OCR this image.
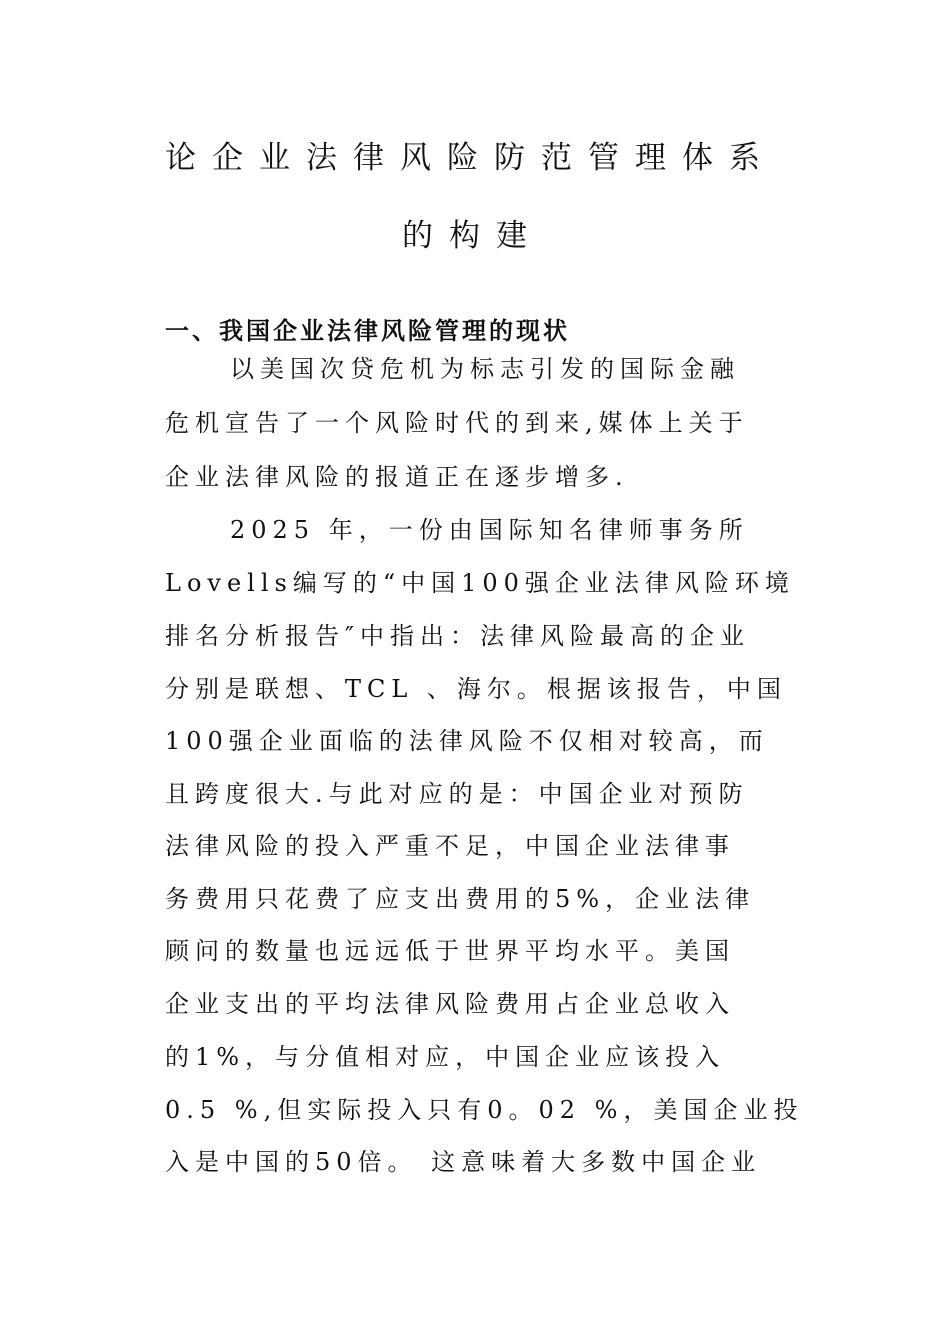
论企业法律风险防范管理体系
的构建
一、我国企业法律风险管理的现状
以美国次贷危机为标志引发的国际金融
危机宣告了一个风险时代的到来,媒体上关于
企业法律风险的报道正在逐步增多.
2025 年，一份由国际知名律师事务所
Lovells编写的“中国100强企业法律风险环境
排名分析报告″中指出：法律风险最高的企业
分别是联想、TCL 、海尔。根据该报告，中国
100强企业面临的法律风险不仅相对较高，而
且跨度很大.与此对应的是：中国企业对预防
法律风险的投入严重不足，中国企业法律事
务费用只花费了应支出费用的5%，企业法律
顾问的数量也远远低于世界平均水平。美国
企业支出的平均法律风险费用占企业总收入
的1%，与分值相对应，中国企业应该投入
0.5 %,但实际投入只有0。02 %，美国企业投
入是中国的50倍。 这意味着大多数中国企业
